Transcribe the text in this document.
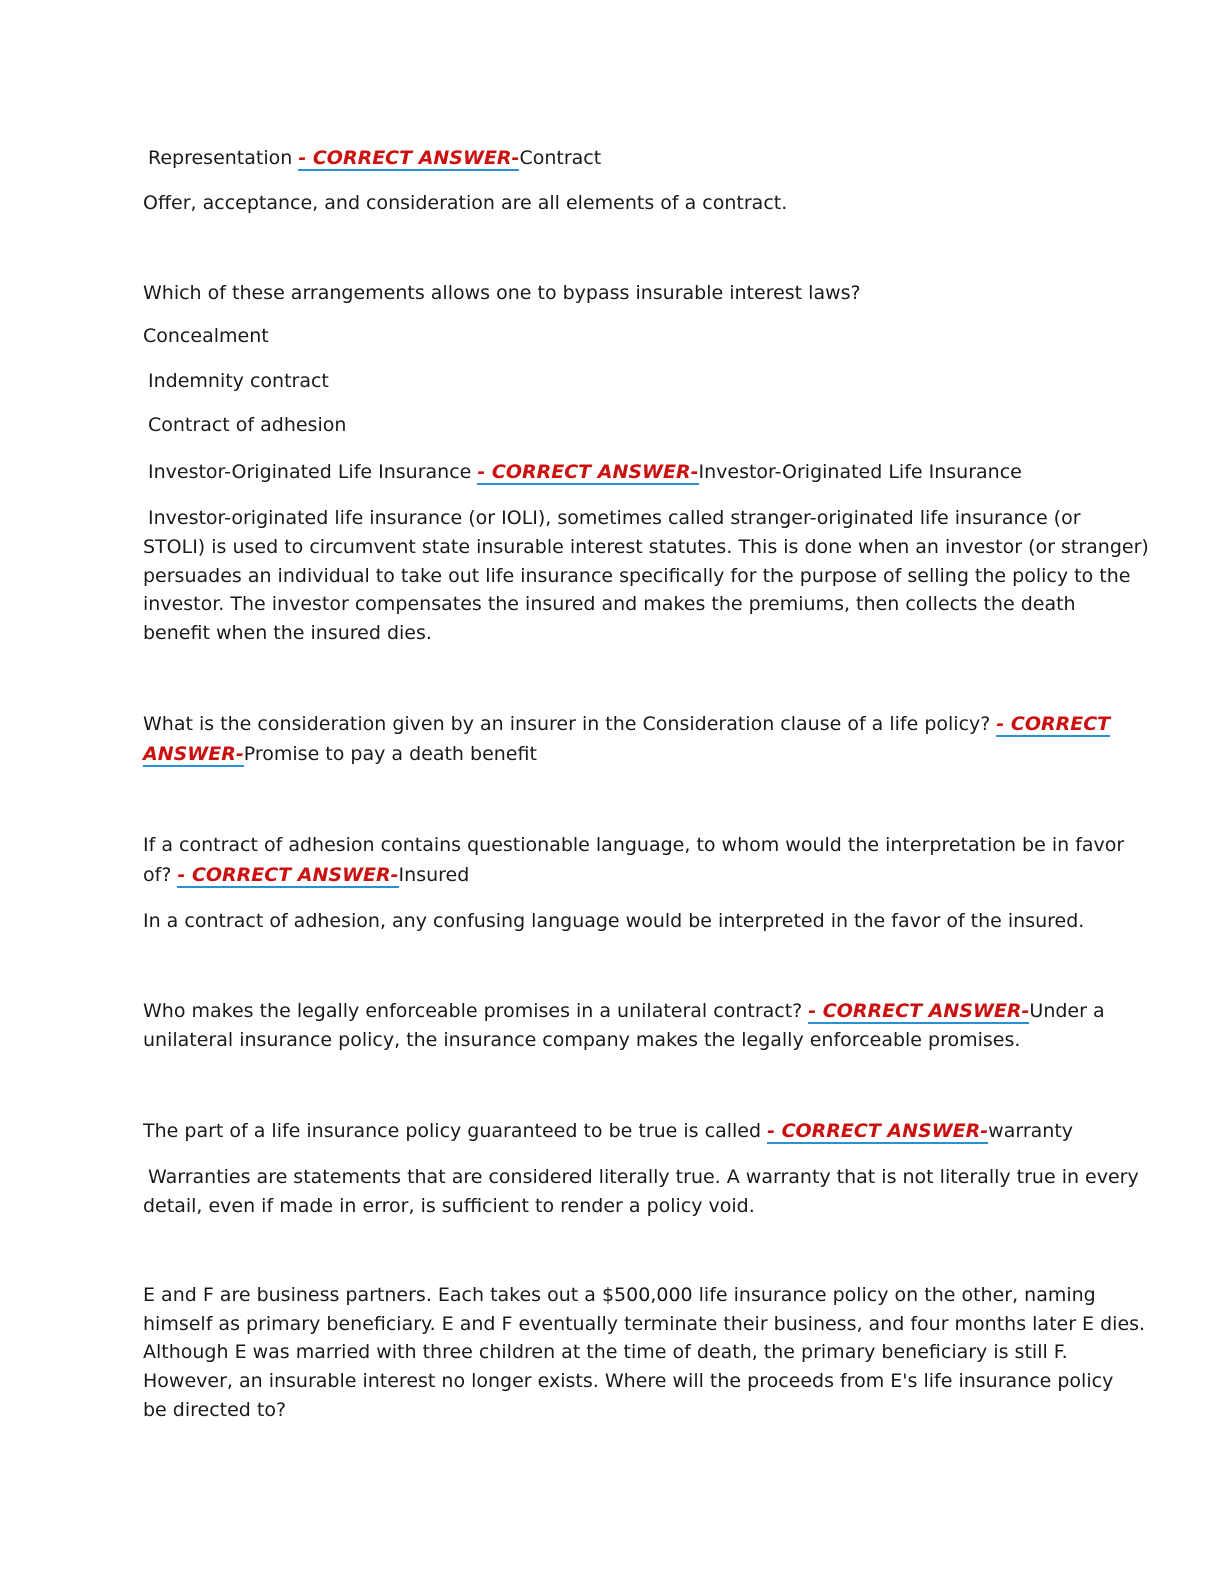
Representation - CORRECT ANSWER-Contract
Offer, acceptance, and consideration are all elements of a contract.
Which of these arrangements allows one to bypass insurable interest laws?
Concealment
Indemnity contract
Contract of adhesion
Investor-Originated Life Insurance - CORRECT ANSWER-Investor-Originated Life Insurance
Investor-originated life insurance (or IOLI), sometimes called stranger-originated life insurance (or
STOLI) is used to circumvent state insurable interest statutes. This is done when an investor (or stranger)
persuades an individual to take out life insurance specifically for the purpose of selling the policy to the
investor. The investor compensates the insured and makes the premiums, then collects the death
benefit when the insured dies.
What is the consideration given by an insurer in the Consideration clause of a life policy? - CORRECT
ANSWER-Promise to pay a death benefit
If a contract of adhesion contains questionable language, to whom would the interpretation be in favor
of? - CORRECT ANSWER-Insured
In a contract of adhesion, any confusing language would be interpreted in the favor of the insured.
Who makes the legally enforceable promises in a unilateral contract? - CORRECT ANSWER-Under a
unilateral insurance policy, the insurance company makes the legally enforceable promises.
The part of a life insurance policy guaranteed to be true is called - CORRECT ANSWER-warranty
Warranties are statements that are considered literally true. A warranty that is not literally true in every
detail, even if made in error, is sufficient to render a policy void.
E and F are business partners. Each takes out a $500,000 life insurance policy on the other, naming
himself as primary beneficiary. E and F eventually terminate their business, and four months later E dies.
Although E was married with three children at the time of death, the primary beneficiary is still F.
However, an insurable interest no longer exists. Where will the proceeds from E's life insurance policy
be directed to?
